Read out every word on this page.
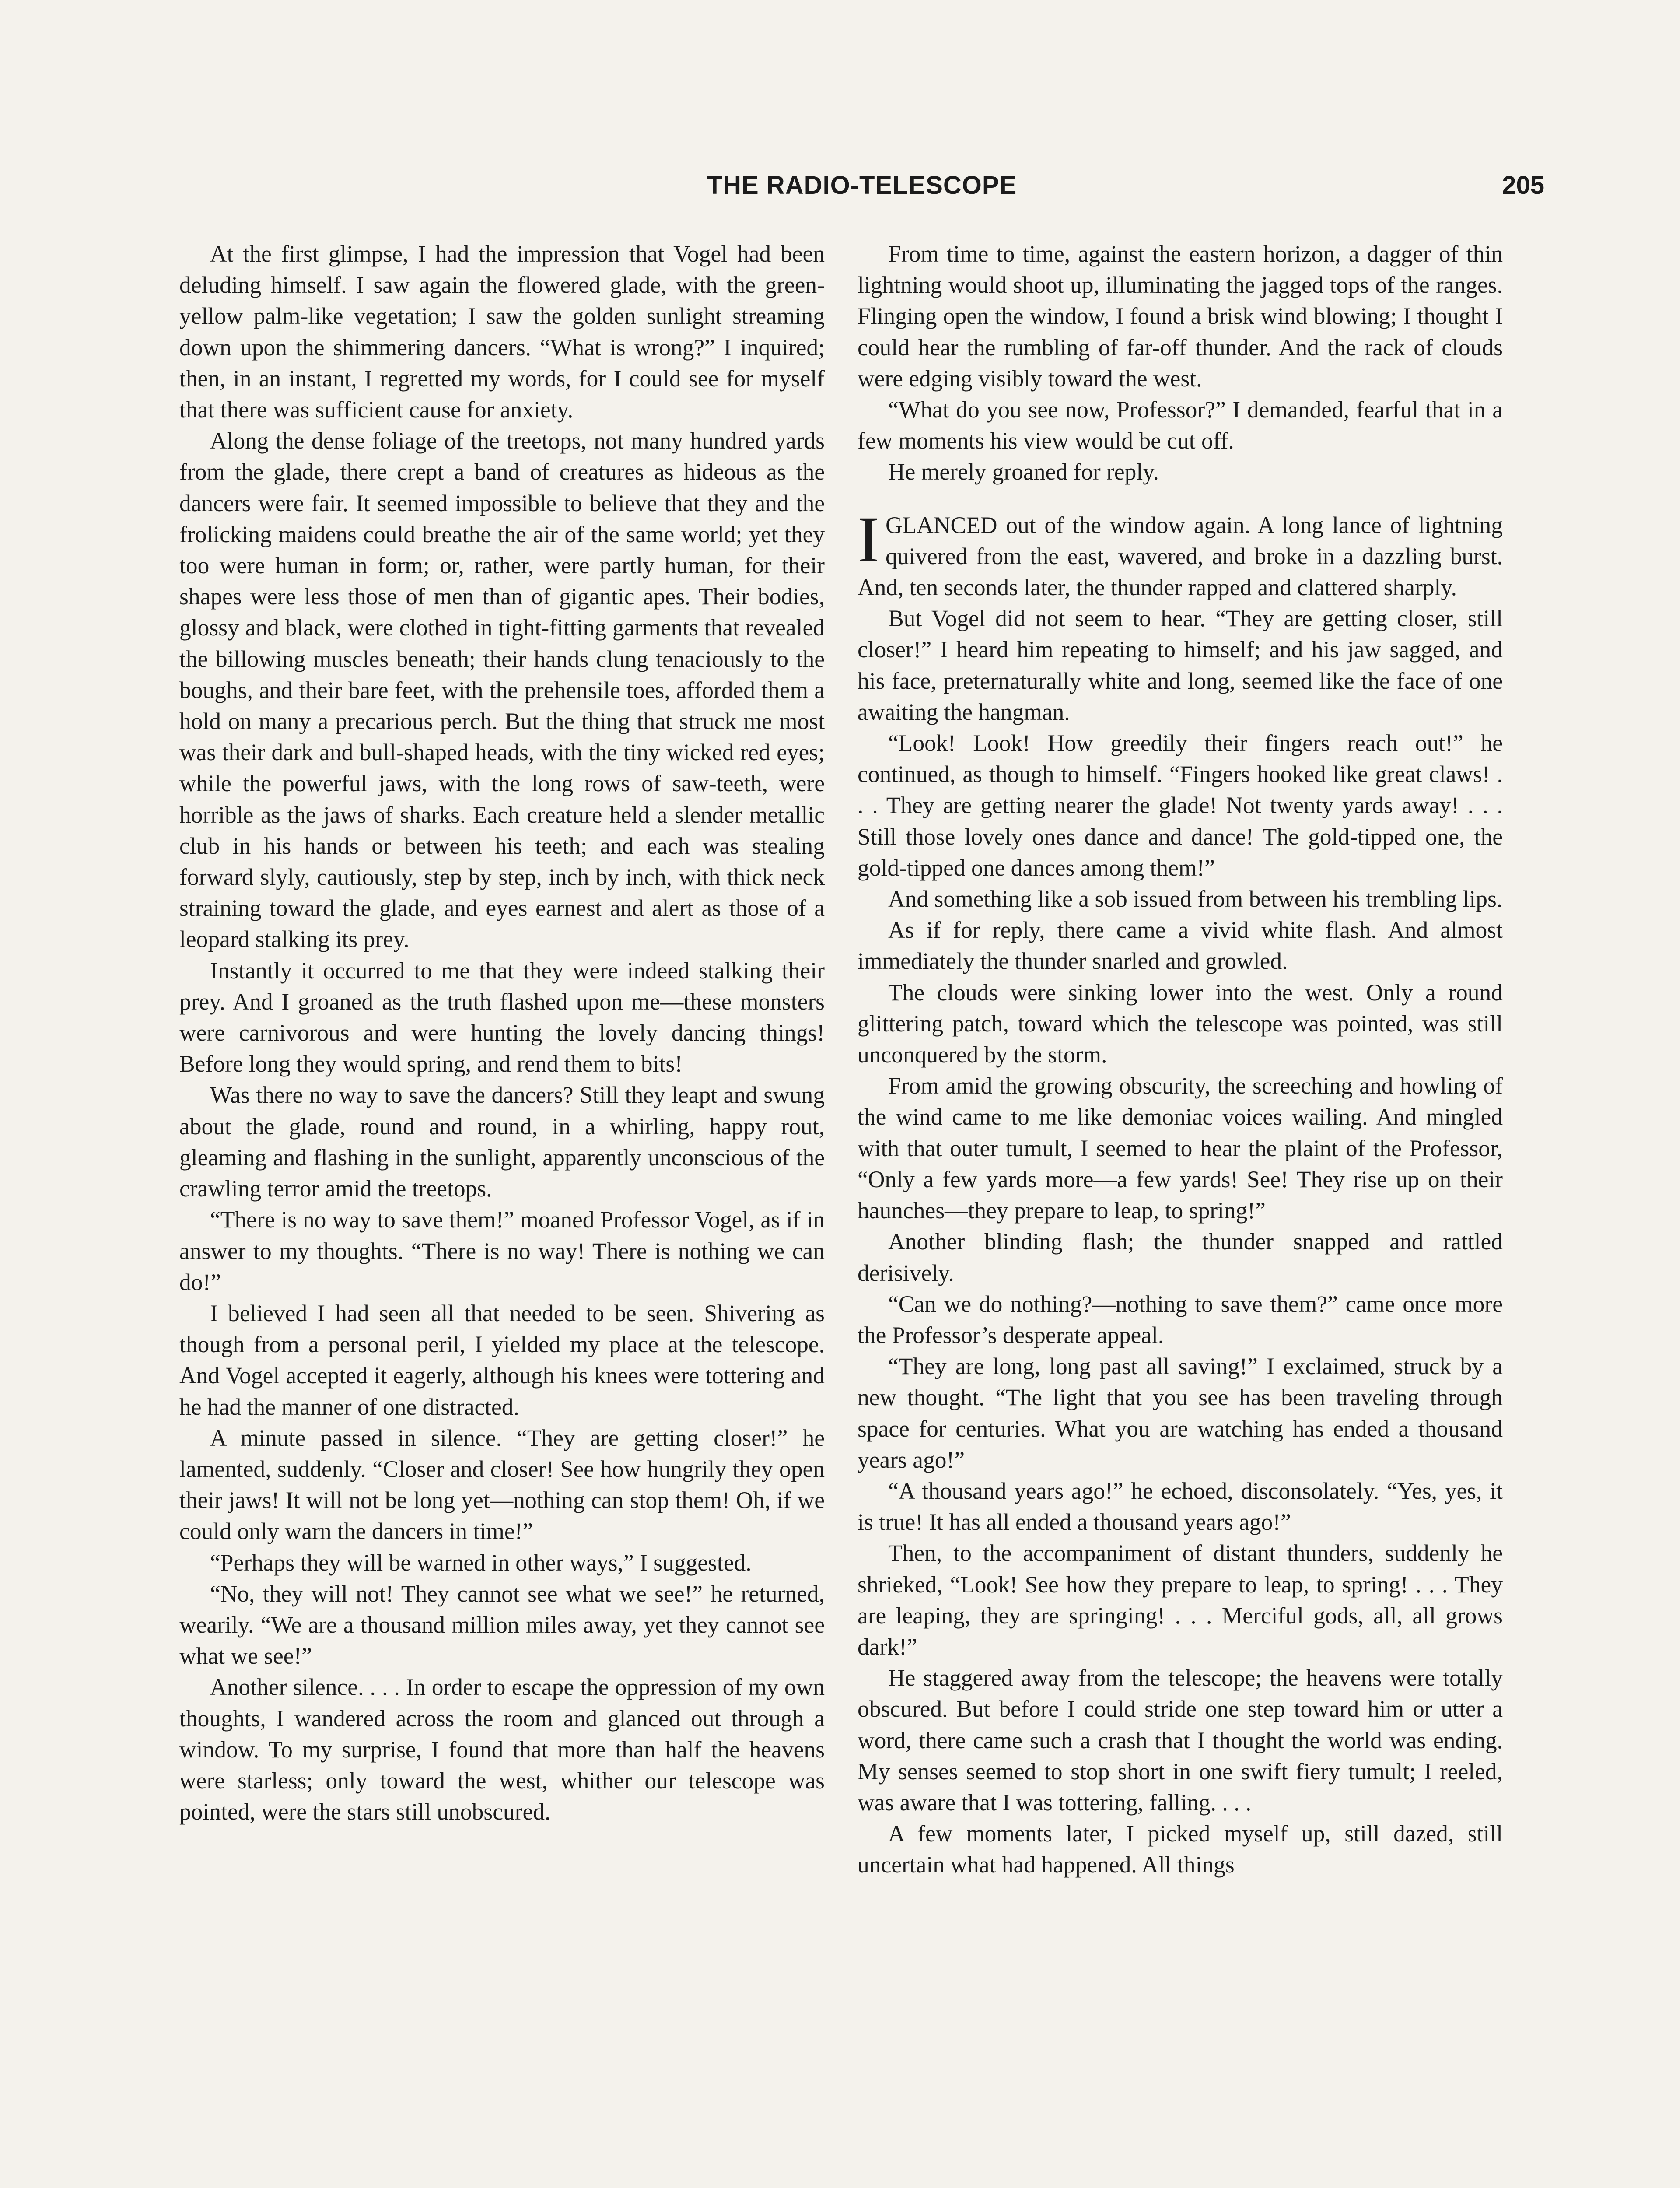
THE RADIO-TELESCOPE	205

At the first glimpse, I had the impression that Vogel had been deluding himself. I saw again the flowered glade, with the green-yellow palm-like vegetation; I saw the golden sunlight streaming down upon the shimmering dancers. “What is wrong?” I inquired; then, in an instant, I regretted my words, for I could see for myself that there was sufficient cause for anxiety.

Along the dense foliage of the treetops, not many hundred yards from the glade, there crept a band of creatures as hideous as the dancers were fair. It seemed impossible to believe that they and the frolicking maidens could breathe the air of the same world; yet they too were human in form; or, rather, were partly human, for their shapes were less those of men than of gigantic apes. Their bodies, glossy and black, were clothed in tight-fitting garments that revealed the billowing muscles beneath; their hands clung tenaciously to the boughs, and their bare feet, with the prehensile toes, afforded them a hold on many a precarious perch. But the thing that struck me most was their dark and bull-shaped heads, with the tiny wicked red eyes; while the powerful jaws, with the long rows of saw-teeth, were horrible as the jaws of sharks. Each creature held a slender metallic club in his hands or between his teeth; and each was stealing forward slyly, cautiously, step by step, inch by inch, with thick neck straining toward the glade, and eyes earnest and alert as those of a leopard stalking its prey.

Instantly it occurred to me that they were indeed stalking their prey. And I groaned as the truth flashed upon me—these monsters were carnivorous and were hunting the lovely dancing things! Before long they would spring, and rend them to bits!

Was there no way to save the dancers? Still they leapt and swung about the glade, round and round, in a whirling, happy rout, gleaming and flashing in the sunlight, apparently unconscious of the crawling terror amid the treetops.

“There is no way to save them!” moaned Professor Vogel, as if in answer to my thoughts. “There is no way! There is nothing we can do!”

I believed I had seen all that needed to be seen. Shivering as though from a personal peril, I yielded my place at the telescope. And Vogel accepted it eagerly, although his knees were tottering and he had the manner of one distracted.

A minute passed in silence. “They are getting closer!” he lamented, suddenly. “Closer and closer! See how hungrily they open their jaws! It will not be long yet—nothing can stop them! Oh, if we could only warn the dancers in time!”

“Perhaps they will be warned in other ways,” I suggested.

“No, they will not! They cannot see what we see!” he returned, wearily. “We are a thousand million miles away, yet they cannot see what we see!”

Another silence. . . . In order to escape the oppression of my own thoughts, I wandered across the room and glanced out through a window. To my surprise, I found that more than half the heavens were starless; only toward the west, whither our telescope was pointed, were the stars still unobscured.

From time to time, against the eastern horizon, a dagger of thin lightning would shoot up, illuminating the jagged tops of the ranges. Flinging open the window, I found a brisk wind blowing; I thought I could hear the rumbling of far-off thunder. And the rack of clouds were edging visibly toward the west.

“What do you see now, Professor?” I demanded, fearful that in a few moments his view would be cut off.

He merely groaned for reply.

IGLANCED out of the window again. A long lance of lightning quivered from the east, wavered, and broke in a dazzling burst. And, ten seconds later, the thunder rapped and clattered sharply.

But Vogel did not seem to hear. “They are getting closer, still closer!” I heard him repeating to himself; and his jaw sagged, and his face, preternaturally white and long, seemed like the face of one awaiting the hangman.

“Look! Look! How greedily their fingers reach out!” he continued, as though to himself. “Fingers hooked like great claws! . . . They are getting nearer the glade! Not twenty yards away! . . . Still those lovely ones dance and dance! The gold-tipped one, the gold-tipped one dances among them!”

And something like a sob issued from between his trembling lips.

As if for reply, there came a vivid white flash. And almost immediately the thunder snarled and growled.

The clouds were sinking lower into the west. Only a round glittering patch, toward which the telescope was pointed, was still unconquered by the storm.

From amid the growing obscurity, the screeching and howling of the wind came to me like demoniac voices wailing. And mingled with that outer tumult, I seemed to hear the plaint of the Professor, “Only a few yards more—a few yards! See! They rise up on their haunches—they prepare to leap, to spring!”

Another blinding flash; the thunder snapped and rattled derisively.

“Can we do nothing?—nothing to save them?” came once more the Professor’s desperate appeal.

“They are long, long past all saving!” I exclaimed, struck by a new thought. “The light that you see has been traveling through space for centuries. What you are watching has ended a thousand years ago!”

“A thousand years ago!” he echoed, disconsolately. “Yes, yes, it is true! It has all ended a thousand years ago!”

Then, to the accompaniment of distant thunders, suddenly he shrieked, “Look! See how they prepare to leap, to spring! . . . They are leaping, they are springing! . . . Merciful gods, all, all grows dark!”

He staggered away from the telescope; the heavens were totally obscured. But before I could stride one step toward him or utter a word, there came such a crash that I thought the world was ending. My senses seemed to stop short in one swift fiery tumult; I reeled, was aware that I was tottering, falling. . . .

A few moments later, I picked myself up, still dazed, still uncertain what had happened. All things
